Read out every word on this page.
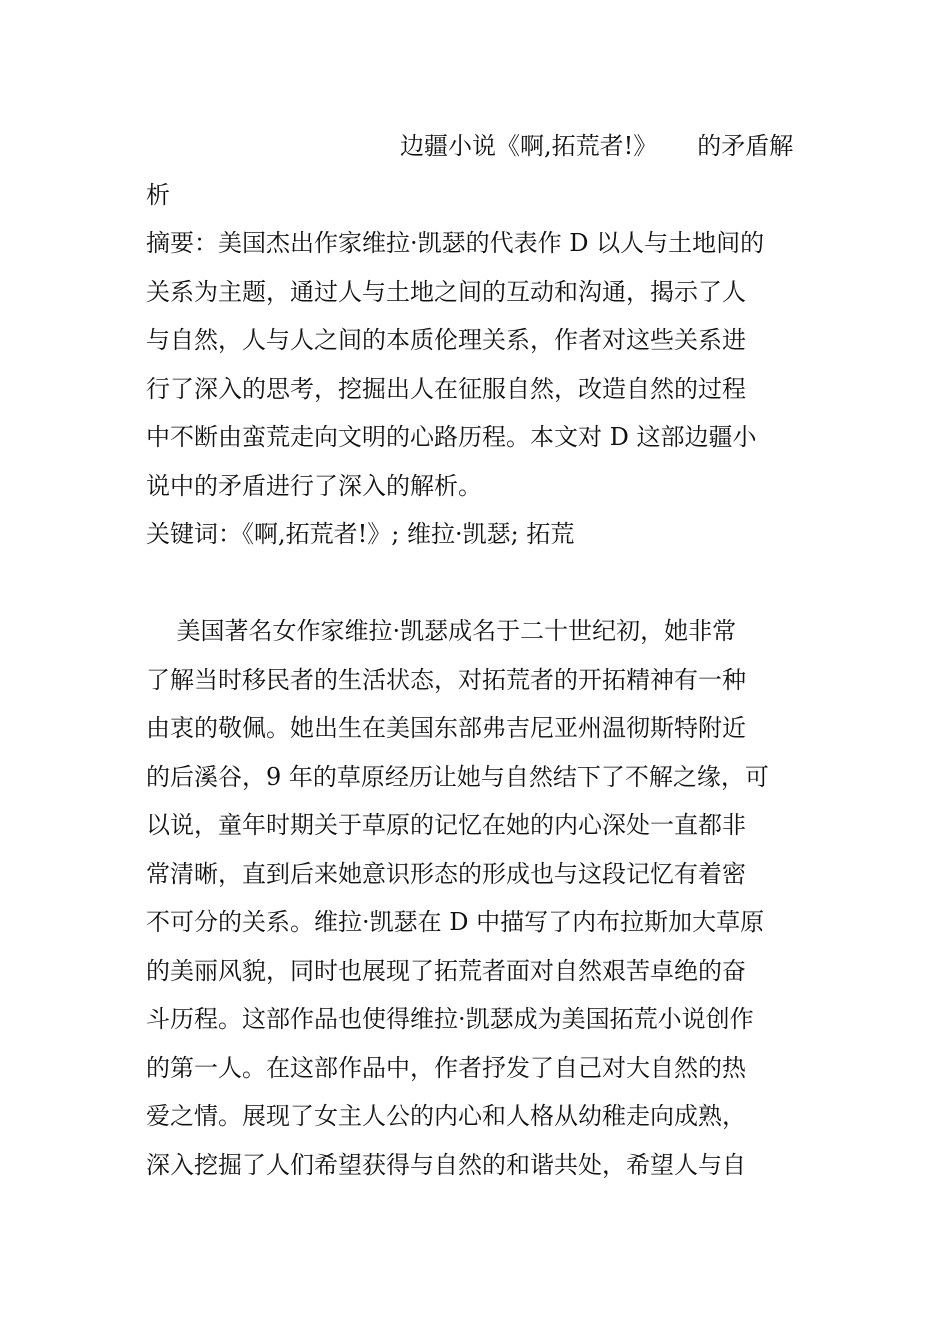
边疆小说《啊,拓荒者!》 的矛盾解
析
摘要：美国杰出作家维拉·凯瑟的代表作 D 以人与土地间的
关系为主题，通过人与土地之间的互动和沟通，揭示了人
与自然，人与人之间的本质伦理关系，作者对这些关系进
行了深入的思考，挖掘出人在征服自然，改造自然的过程
中不断由蛮荒走向文明的心路历程。本文对 D 这部边疆小
说中的矛盾进行了深入的解析。
关键词：《啊,拓荒者!》; 维拉·凯瑟; 拓荒
美国著名女作家维拉·凯瑟成名于二十世纪初，她非常
了解当时移民者的生活状态，对拓荒者的开拓精神有一种
由衷的敬佩。她出生在美国东部弗吉尼亚州温彻斯特附近
的后溪谷，9 年的草原经历让她与自然结下了不解之缘，可
以说，童年时期关于草原的记忆在她的内心深处一直都非
常清晰，直到后来她意识形态的形成也与这段记忆有着密
不可分的关系。维拉·凯瑟在 D 中描写了内布拉斯加大草原
的美丽风貌，同时也展现了拓荒者面对自然艰苦卓绝的奋
斗历程。这部作品也使得维拉·凯瑟成为美国拓荒小说创作
的第一人。在这部作品中，作者抒发了自己对大自然的热
爱之情。展现了女主人公的内心和人格从幼稚走向成熟，
深入挖掘了人们希望获得与自然的和谐共处，希望人与自
